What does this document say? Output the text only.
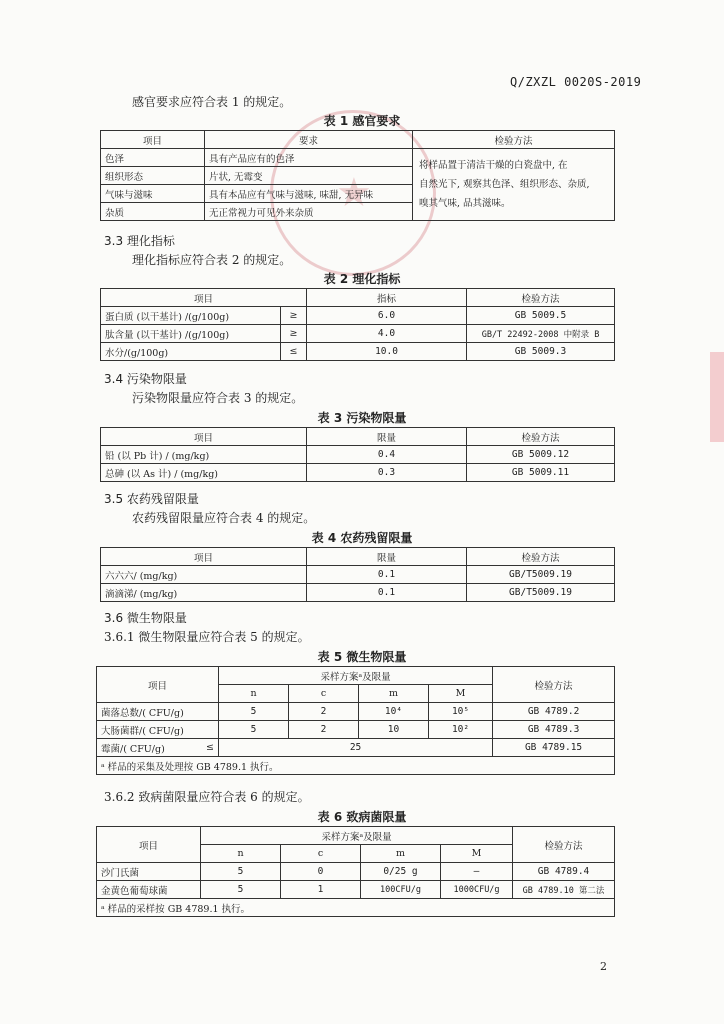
Q/ZXZL 0020S-2019
★
感官要求应符合表 1 的规定。
表 1 感官要求
项目	要求	检验方法
色泽	具有产品应有的色泽	将样品置于清洁干燥的白瓷盘中, 在
自然光下, 观察其色泽、组织形态、杂质,
嗅其气味, 品其滋味。

组织形态	片状, 无霉变	
气味与滋味	具有本品应有气味与滋味, 味甜, 无异味	
杂质	无正常视力可见外来杂质	
3.3 理化指标
理化指标应符合表 2 的规定。
表 2 理化指标
项目		指标	检验方法
蛋白质 (以干基计) /(g/100g)	≥	6.0	GB 5009.5
肽含量 (以干基计) /(g/100g)	≥	4.0	GB/T 22492-2008 中附录 B
水分/(g/100g)	≤	10.0	GB 5009.3
3.4 污染物限量
污染物限量应符合表 3 的规定。
表 3 污染物限量
项目	限量	检验方法
铅 (以 Pb 计) / (mg/kg)	0.4	GB 5009.12
总砷 (以 As 计) / (mg/kg)	0.3	GB 5009.11
3.5 农药残留限量
农药残留限量应符合表 4 的规定。
表 4 农药残留限量
项目	限量	检验方法
六六六/ (mg/kg)	0.1	GB/T5009.19
滴滴涕/ (mg/kg)	0.1	GB/T5009.19
3.6 微生物限量
3.6.1 微生物限量应符合表 5 的规定。
表 5 微生物限量
项目		采样方案ᵃ及限量				检验方法
		n	c	m	M	
菌落总数/( CFU/g)		5	2	10⁴	10⁵	GB 4789.2
大肠菌群/( CFU/g)		5	2	10	10²	GB 4789.3
霉菌/( CFU/g)	≤	25				GB 4789.15
ᵃ 样品的采集及处理按 GB 4789.1 执行。						
3.6.2 致病菌限量应符合表 6 的规定。
表 6 致病菌限量
项目	采样方案ᵃ及限量				检验方法
	n	c	m	M	
沙门氏菌	5	0	0/25 g	—	GB 4789.4
金黄色葡萄球菌	5	1	100CFU/g	1000CFU/g	GB 4789.10 第二法
ᵃ 样品的采样按 GB 4789.1 执行。					
2
